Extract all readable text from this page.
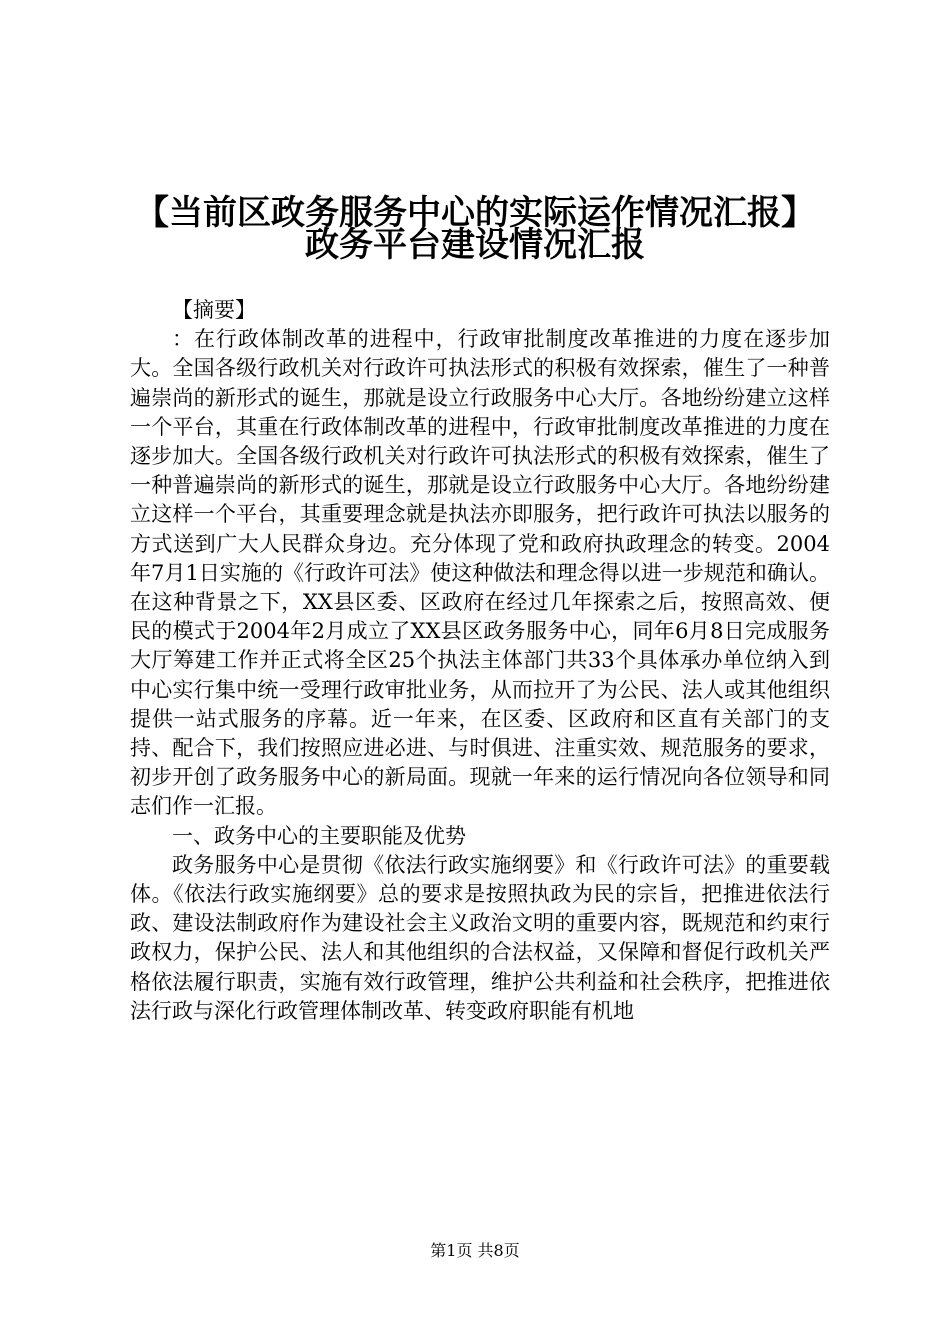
【当前区政务服务中心的实际运作情况汇报】
政务平台建设情况汇报

【摘要】

：在行政体制改革的进程中，行政审批制度改革推进的力度在逐步加大。全国各级行政机关对行政许可执法形式的积极有效探索，催生了一种普遍崇尚的新形式的诞生，那就是设立行政服务中心大厅。各地纷纷建立这样一个平台，其重在行政体制改革的进程中，行政审批制度改革推进的力度在逐步加大。全国各级行政机关对行政许可执法形式的积极有效探索，催生了一种普遍崇尚的新形式的诞生，那就是设立行政服务中心大厅。各地纷纷建立这样一个平台，其重要理念就是执法亦即服务，把行政许可执法以服务的方式送到广大人民群众身边。充分体现了党和政府执政理念的转变。2004年7月1日实施的《行政许可法》使这种做法和理念得以进一步规范和确认。在这种背景之下，XX县区委、区政府在经过几年探索之后，按照高效、便民的模式于2004年2月成立了XX县区政务服务中心，同年6月8日完成服务大厅筹建工作并正式将全区25个执法主体部门共33个具体承办单位纳入到中心实行集中统一受理行政审批业务，从而拉开了为公民、法人或其他组织提供一站式服务的序幕。近一年来，在区委、区政府和区直有关部门的支持、配合下，我们按照应进必进、与时俱进、注重实效、规范服务的要求，初步开创了政务服务中心的新局面。现就一年来的运行情况向各位领导和同志们作一汇报。

一、政务中心的主要职能及优势

政务服务中心是贯彻《依法行政实施纲要》和《行政许可法》的重要载体。《依法行政实施纲要》总的要求是按照执政为民的宗旨，把推进依法行政、建设法制政府作为建设社会主义政治文明的重要内容，既规范和约束行政权力，保护公民、法人和其他组织的合法权益，又保障和督促行政机关严格依法履行职责，实施有效行政管理，维护公共利益和社会秩序，把推进依法行政与深化行政管理体制改革、转变政府职能有机地

第1页 共8页
